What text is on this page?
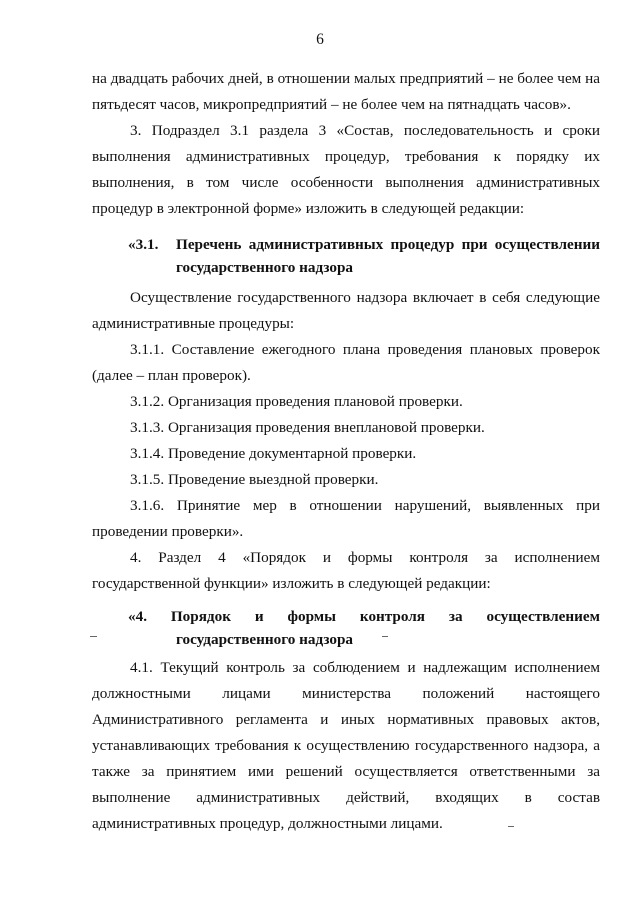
6
на двадцать рабочих дней, в отношении малых предприятий – не более чем на
пятьдесят часов, микропредприятий – не более чем на пятнадцать часов».
3. Подраздел 3.1 раздела 3 «Состав, последовательность и сроки
выполнения административных процедур, требования к порядку их
выполнения, в том числе особенности выполнения административных
процедур в электронной форме» изложить в следующей редакции:
«3.1. Перечень административных процедур при осуществлении
государственного надзора
Осуществление государственного надзора включает в себя следующие
административные процедуры:
3.1.1. Составление ежегодного плана проведения плановых проверок
(далее – план проверок).
3.1.2. Организация проведения плановой проверки.
3.1.3. Организация проведения внеплановой проверки.
3.1.4. Проведение документарной проверки.
3.1.5. Проведение выездной проверки.
3.1.6. Принятие мер в отношении нарушений, выявленных при
проведении проверки».
4. Раздел 4 «Порядок и формы контроля за исполнением
государственной функции» изложить в следующей редакции:
«4. Порядок и формы контроля за осуществлением
государственного надзора
4.1. Текущий контроль за соблюдением и надлежащим исполнением
должностными лицами министерства положений настоящего
Административного регламента и иных нормативных правовых актов,
устанавливающих требования к осуществлению государственного надзора, а
также за принятием ими решений осуществляется ответственными за
выполнение административных действий, входящих в состав
административных процедур, должностными лицами.
